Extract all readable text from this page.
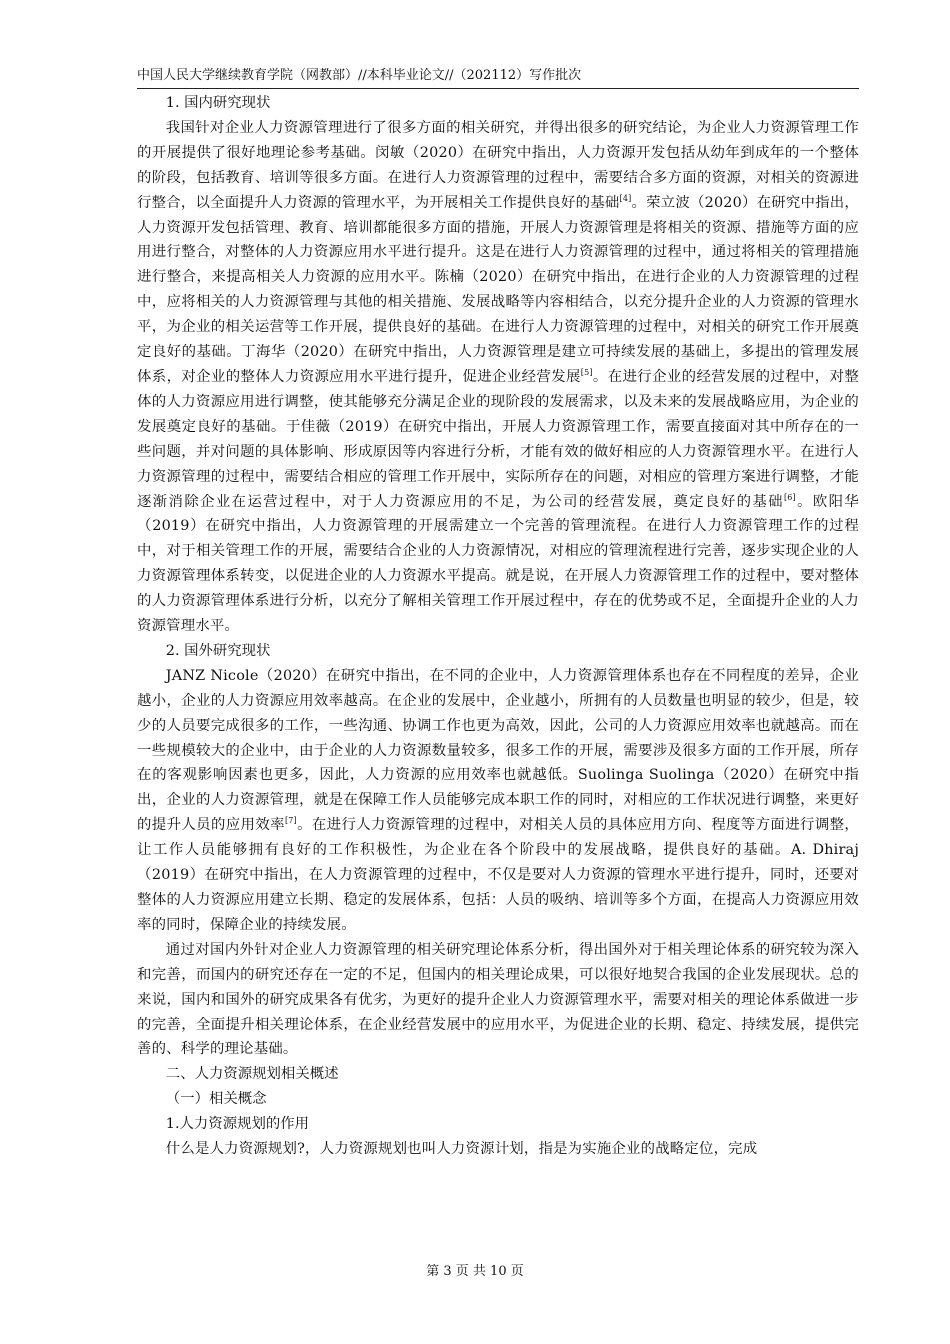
中国人民大学继续教育学院（网教部）//本科毕业论文//（202112）写作批次
1. 国内研究现状

我国针对企业人力资源管理进行了很多方面的相关研究，并得出很多的研究结论，为企业人力资源管理工作的开展提供了很好地理论参考基础。闵敏（2020）在研究中指出，人力资源开发包括从幼年到成年的一个整体的阶段，包括教育、培训等很多方面。在进行人力资源管理的过程中，需要结合多方面的资源，对相关的资源进行整合，以全面提升人力资源的管理水平，为开展相关工作提供良好的基础[4]。荣立波（2020）在研究中指出，人力资源开发包括管理、教育、培训都能很多方面的措施，开展人力资源管理是将相关的资源、措施等方面的应用进行整合，对整体的人力资源应用水平进行提升。这是在进行人力资源管理的过程中，通过将相关的管理措施进行整合，来提高相关人力资源的应用水平。陈楠（2020）在研究中指出，在进行企业的人力资源管理的过程中，应将相关的人力资源管理与其他的相关措施、发展战略等内容相结合，以充分提升企业的人力资源的管理水平，为企业的相关运营等工作开展，提供良好的基础。在进行人力资源管理的过程中，对相关的研究工作开展奠定良好的基础。丁海华（2020）在研究中指出，人力资源管理是建立可持续发展的基础上，多提出的管理发展体系，对企业的整体人力资源应用水平进行提升，促进企业经营发展[5]。在进行企业的经营发展的过程中，对整体的人力资源应用进行调整，使其能够充分满足企业的现阶段的发展需求，以及未来的发展战略应用，为企业的发展奠定良好的基础。于佳薇（2019）在研究中指出，开展人力资源管理工作，需要直接面对其中所存在的一些问题，并对问题的具体影响、形成原因等内容进行分析，才能有效的做好相应的人力资源管理水平。在进行人力资源管理的过程中，需要结合相应的管理工作开展中，实际所存在的问题，对相应的管理方案进行调整，才能逐渐消除企业在运营过程中，对于人力资源应用的不足，为公司的经营发展，奠定良好的基础[6]。欧阳华（2019）在研究中指出，人力资源管理的开展需建立一个完善的管理流程。在进行人力资源管理工作的过程中，对于相关管理工作的开展，需要结合企业的人力资源情况，对相应的管理流程进行完善，逐步实现企业的人力资源管理体系转变，以促进企业的人力资源水平提高。就是说，在开展人力资源管理工作的过程中，要对整体的人力资源管理体系进行分析，以充分了解相关管理工作开展过程中，存在的优势或不足，全面提升企业的人力资源管理水平。

2. 国外研究现状

JANZ Nicole（2020）在研究中指出，在不同的企业中，人力资源管理体系也存在不同程度的差异，企业越小，企业的人力资源应用效率越高。在企业的发展中，企业越小，所拥有的人员数量也明显的较少，但是，较少的人员要完成很多的工作，一些沟通、协调工作也更为高效，因此，公司的人力资源应用效率也就越高。而在一些规模较大的企业中，由于企业的人力资源数量较多，很多工作的开展，需要涉及很多方面的工作开展，所存在的客观影响因素也更多，因此，人力资源的应用效率也就越低。Suolinga Suolinga（2020）在研究中指出，企业的人力资源管理，就是在保障工作人员能够完成本职工作的同时，对相应的工作状况进行调整，来更好的提升人员的应用效率[7]。在进行人力资源管理的过程中，对相关人员的具体应用方向、程度等方面进行调整，让工作人员能够拥有良好的工作积极性，为企业在各个阶段中的发展战略，提供良好的基础。A. Dhiraj（2019）在研究中指出，在人力资源管理的过程中，不仅是要对人力资源的管理水平进行提升，同时，还要对整体的人力资源应用建立长期、稳定的发展体系，包括：人员的吸纳、培训等多个方面，在提高人力资源应用效率的同时，保障企业的持续发展。

通过对国内外针对企业人力资源管理的相关研究理论体系分析，得出国外对于相关理论体系的研究较为深入和完善，而国内的研究还存在一定的不足，但国内的相关理论成果，可以很好地契合我国的企业发展现状。总的来说，国内和国外的研究成果各有优劣，为更好的提升企业人力资源管理水平，需要对相关的理论体系做进一步的完善，全面提升相关理论体系，在企业经营发展中的应用水平，为促进企业的长期、稳定、持续发展，提供完善的、科学的理论基础。

二、人力资源规划相关概述
（一）相关概念
1.人力资源规划的作用

什么是人力资源规划?，人力资源规划也叫人力资源计划，指是为实施企业的战略定位，完成

第 3 页 共 10 页
